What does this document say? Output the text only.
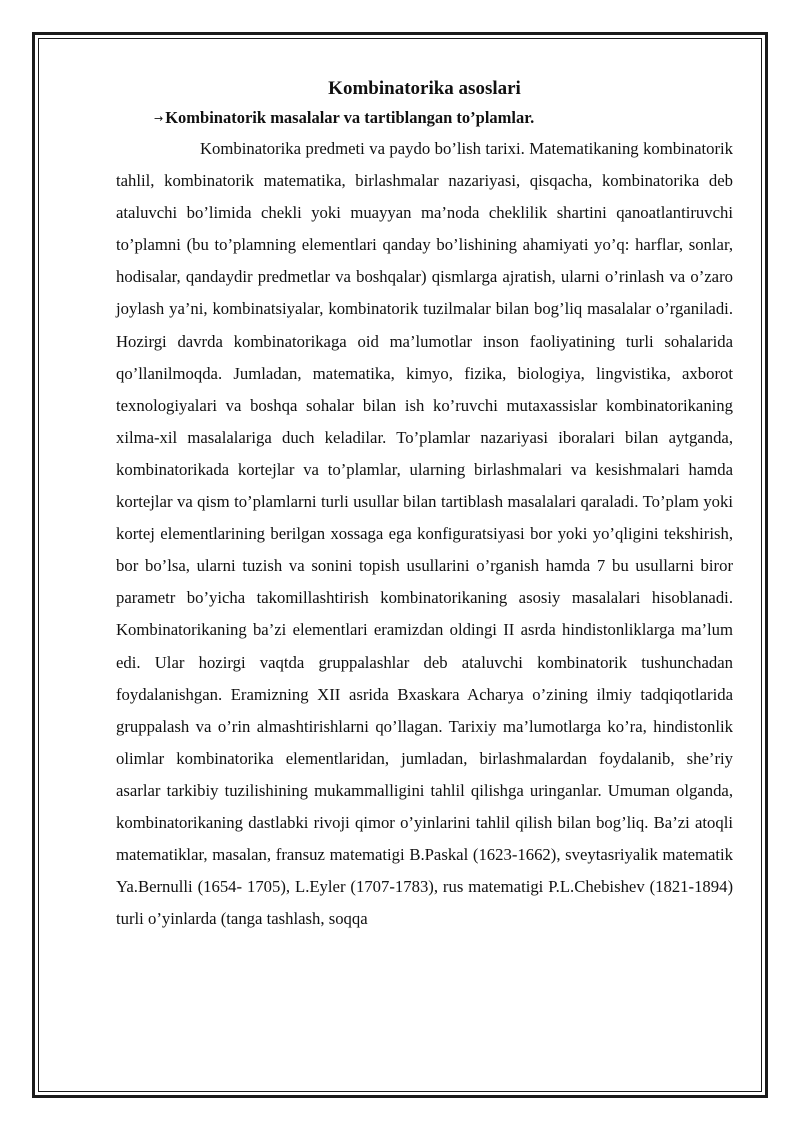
Kombinatorika asoslari

→ Kombinatorik masalalar va tartiblangan to’plamlar.

Kombinatorika predmeti va paydo bo’lish tarixi. Matematikaning kombinatorik tahlil, kombinatorik matematika, birlashmalar nazariyasi, qisqacha, kombinatorika deb ataluvchi bo’limida chekli yoki muayyan ma’noda cheklilik shartini qanoatlantiruvchi to’plamni (bu to’plamning elementlari qanday bo’lishining ahamiyati yo’q: harflar, sonlar, hodisalar, qandaydir predmetlar va boshqalar) qismlarga ajratish, ularni o’rinlash va o’zaro joylash ya’ni, kombinatsiyalar, kombinatorik tuzilmalar bilan bog’liq masalalar o’rganiladi. Hozirgi davrda kombinatorikaga oid ma’lumotlar inson faoliyatining turli sohalarida qo’llanilmoqda. Jumladan, matematika, kimyo, fizika, biologiya, lingvistika, axborot texnologiyalari va boshqa sohalar bilan ish ko’ruvchi mutaxassislar kombinatorikaning xilma-xil masalalariga duch keladilar. To’plamlar nazariyasi iboralari bilan aytganda, kombinatorikada kortejlar va to’plamlar, ularning birlashmalari va kesishmalari hamda kortejlar va qism to’plamlarni turli usullar bilan tartiblash masalalari qaraladi. To’plam yoki kortej elementlarining berilgan xossaga ega konfiguratsiyasi bor yoki yo’qligini tekshirish, bor bo’lsa, ularni tuzish va sonini topish usullarini o’rganish hamda 7 bu usullarni biror parametr bo’yicha takomillashtirish kombinatorikaning asosiy masalalari hisoblanadi. Kombinatorikaning ba’zi elementlari eramizdan oldingi II asrda hindistonliklarga ma’lum edi. Ular hozirgi vaqtda gruppalashlar deb ataluvchi kombinatorik tushunchadan foydalanishgan. Eramizning XII asrida Bxaskara Acharya o’zining ilmiy tadqiqotlarida gruppalash va o’rin almashtirishlarni qo’llagan. Tarixiy ma’lumotlarga ko’ra, hindistonlik olimlar kombinatorika elementlaridan, jumladan, birlashmalardan foydalanib, she’riy asarlar tarkibiy tuzilishining mukammalligini tahlil qilishga uringanlar. Umuman olganda, kombinatorikaning dastlabki rivoji qimor o’yinlarini tahlil qilish bilan bog’liq. Ba’zi atoqli matematiklar, masalan, fransuz matematigi B.Paskal (1623-1662), sveytasriyalik matematik Ya.Bernulli (1654- 1705), L.Eyler (1707-1783), rus matematigi P.L.Chebishev (1821-1894) turli o’yinlarda (tanga tashlash, soqqa
